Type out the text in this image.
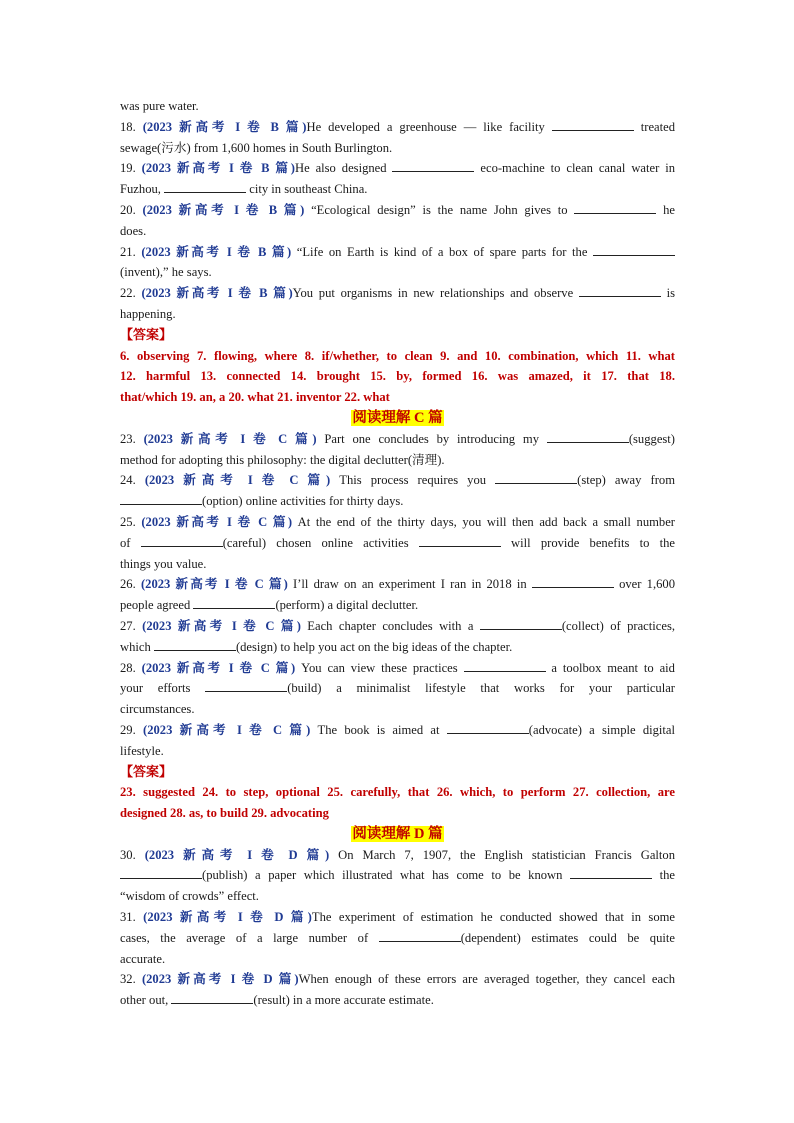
was pure water.
18. (2023 新高考 I 卷 B 篇)He developed a greenhouse — like facility	treated
sewage(污水) from 1,600 homes in South Burlington.
19. (2023 新高考 I 卷 B 篇)He also designed	eco-machine to clean canal water in
Fuzhou,	city in southeast China.
20. (2023 新高考 I 卷 B 篇) “Ecological design” is the name John gives to	he
does.
21. (2023 新高考 I 卷 B 篇) “Life on Earth is kind of a box of spare parts for the
(invent),” he says.
22. (2023 新高考 I 卷 B 篇)You put organisms in new relationships and observe	is
happening.
【答案】
6. observing 7. flowing, where 8. if/whether, to clean 9. and 10. combination, which 11. what
12. harmful 13. connected 14. brought 15. by, formed 16. was amazed, it 17. that 18.
that/which 19. an, a 20. what 21. inventor 22. what
阅读理解 C 篇
23. (2023 新高考 I 卷 C 篇) Part one concludes by introducing my	(suggest)
method for adopting this philosophy: the digital declutter(清理).
24. (2023 新高考 I 卷 C 篇) This process requires you	(step) away from
(option) online activities for thirty days.
25. (2023 新高考 I 卷 C 篇) At the end of the thirty days, you will then add back a small number
of	(careful) chosen online activities	will provide benefits to the
things you value.
26. (2023 新高考 I 卷 C 篇) I’ll draw on an experiment I ran in 2018 in	over 1,600
people agreed	(perform) a digital declutter.
27. (2023 新高考 I 卷 C 篇) Each chapter concludes with a	(collect) of practices,
which	(design) to help you act on the big ideas of the chapter.
28. (2023 新高考 I 卷 C 篇) You can view these practices	a toolbox meant to aid
your efforts	(build) a minimalist lifestyle that works for your particular
circumstances.
29. (2023 新高考 I 卷 C 篇) The book is aimed at	(advocate) a simple digital
lifestyle.
【答案】
23. suggested 24. to step, optional 25. carefully, that 26. which, to perform 27. collection, are
designed 28. as, to build 29. advocating
阅读理解 D 篇
30. (2023 新高考 I 卷 D 篇) On March 7, 1907, the English statistician Francis Galton
(publish) a paper which illustrated what has come to be known	the
“wisdom of crowds” effect.
31. (2023 新高考 I 卷 D 篇)The experiment of estimation he conducted showed that in some
cases, the average of a large number of	(dependent) estimates could be quite
accurate.
32. (2023 新高考 I 卷 D 篇)When enough of these errors are averaged together, they cancel each
other out,	(result) in a more accurate estimate.
